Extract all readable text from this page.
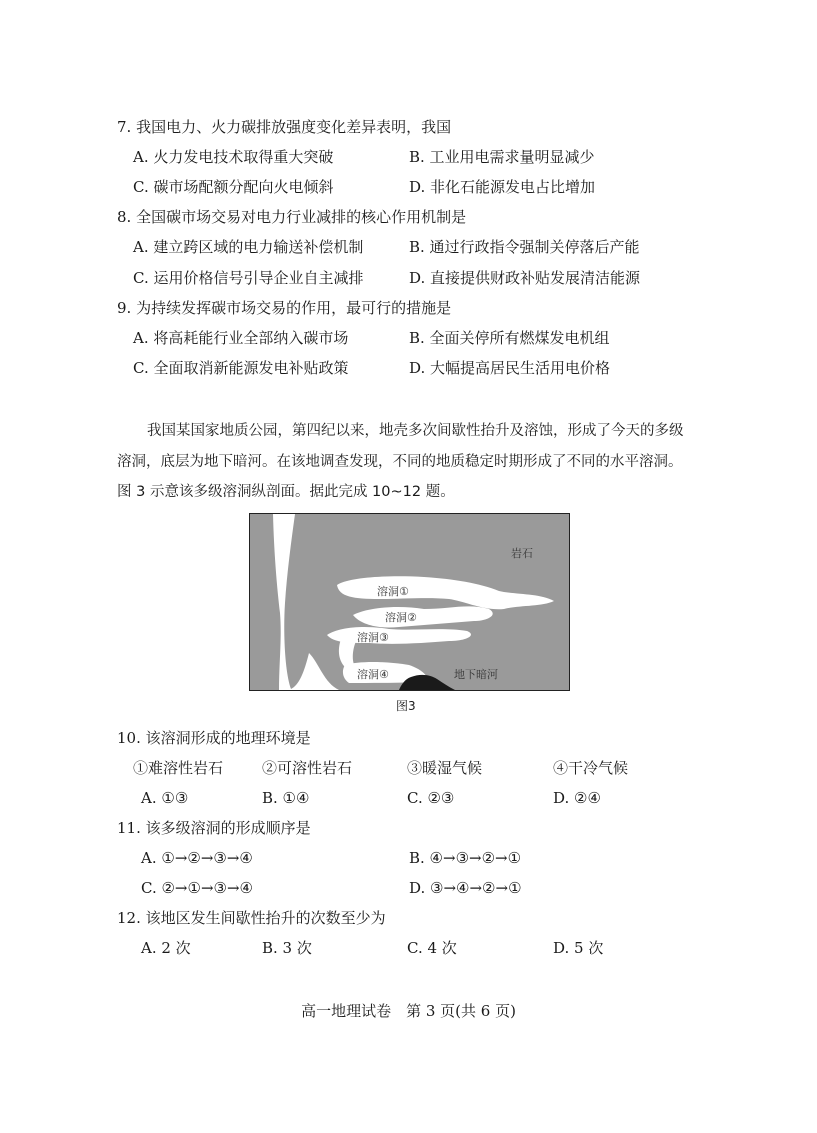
7. 我国电力、火力碳排放强度变化差异表明，我国
A. 火力发电技术取得重大突破	B. 工业用电需求量明显减少
C. 碳市场配额分配向火电倾斜	D. 非化石能源发电占比增加
8. 全国碳市场交易对电力行业减排的核心作用机制是
A. 建立跨区域的电力输送补偿机制	B. 通过行政指令强制关停落后产能
C. 运用价格信号引导企业自主减排	D. 直接提供财政补贴发展清洁能源
9. 为持续发挥碳市场交易的作用，最可行的措施是
A. 将高耗能行业全部纳入碳市场	B. 全面关停所有燃煤发电机组
C. 全面取消新能源发电补贴政策	D. 大幅提高居民生活用电价格
我国某国家地质公园，第四纪以来，地壳多次间歇性抬升及溶蚀，形成了今天的多级
溶洞，底层为地下暗河。在该地调查发现，不同的地质稳定时期形成了不同的水平溶洞。
图 3 示意该多级溶洞纵剖面。据此完成 10~12 题。
岩石
溶洞①
溶洞②
溶洞③
溶洞④	地下暗河
图3
10. 该溶洞形成的地理环境是
①难溶性岩石	②可溶性岩石	③暖湿气候	④干冷气候
A. ①③	B. ①④	C. ②③	D. ②④
11. 该多级溶洞的形成顺序是
A. ①→②→③→④	B. ④→③→②→①
C. ②→①→③→④	D. ③→④→②→①
12. 该地区发生间歇性抬升的次数至少为
A. 2 次	B. 3 次	C. 4 次	D. 5 次
高一地理试卷　第 3 页(共 6 页)
